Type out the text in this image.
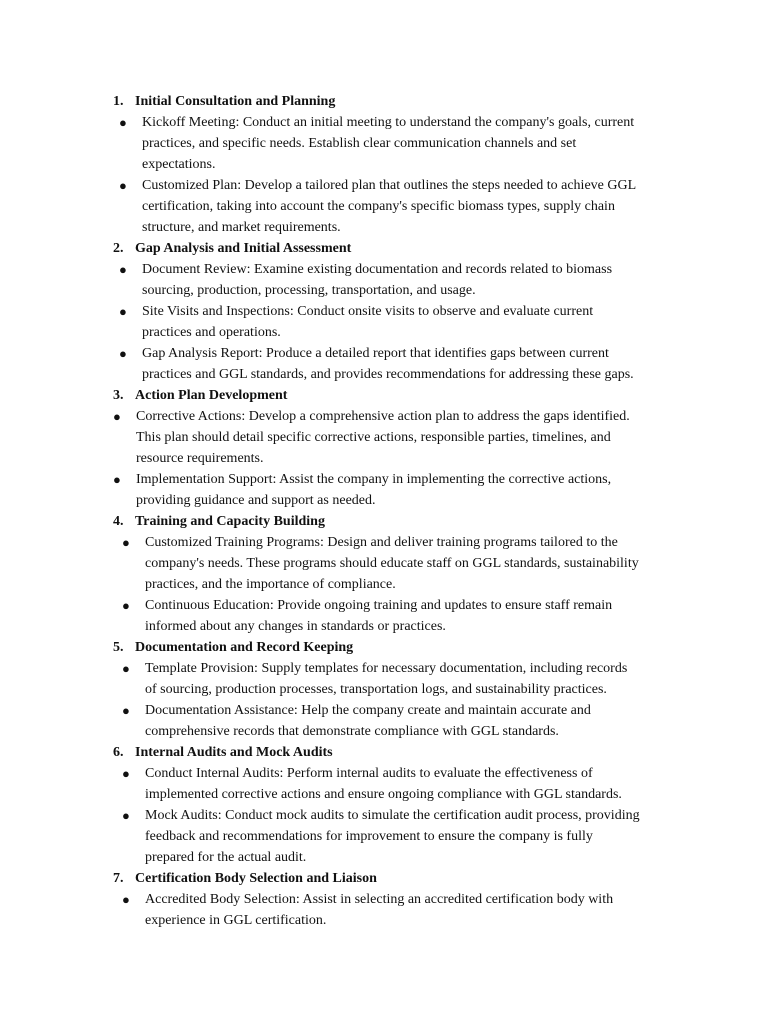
1. Initial Consultation and Planning
● Kickoff Meeting: Conduct an initial meeting to understand the company's goals, current
practices, and specific needs. Establish clear communication channels and set
expectations.
● Customized Plan: Develop a tailored plan that outlines the steps needed to achieve GGL
certification, taking into account the company's specific biomass types, supply chain
structure, and market requirements.
2. Gap Analysis and Initial Assessment
● Document Review: Examine existing documentation and records related to biomass
sourcing, production, processing, transportation, and usage.
● Site Visits and Inspections: Conduct onsite visits to observe and evaluate current
practices and operations.
● Gap Analysis Report: Produce a detailed report that identifies gaps between current
practices and GGL standards, and provides recommendations for addressing these gaps.
3. Action Plan Development
● Corrective Actions: Develop a comprehensive action plan to address the gaps identified.
This plan should detail specific corrective actions, responsible parties, timelines, and
resource requirements.
● Implementation Support: Assist the company in implementing the corrective actions,
providing guidance and support as needed.
4. Training and Capacity Building
● Customized Training Programs: Design and deliver training programs tailored to the
company's needs. These programs should educate staff on GGL standards, sustainability
practices, and the importance of compliance.
● Continuous Education: Provide ongoing training and updates to ensure staff remain
informed about any changes in standards or practices.
5. Documentation and Record Keeping
● Template Provision: Supply templates for necessary documentation, including records
of sourcing, production processes, transportation logs, and sustainability practices.
● Documentation Assistance: Help the company create and maintain accurate and
comprehensive records that demonstrate compliance with GGL standards.
6. Internal Audits and Mock Audits
● Conduct Internal Audits: Perform internal audits to evaluate the effectiveness of
implemented corrective actions and ensure ongoing compliance with GGL standards.
● Mock Audits: Conduct mock audits to simulate the certification audit process, providing
feedback and recommendations for improvement to ensure the company is fully
prepared for the actual audit.
7. Certification Body Selection and Liaison
● Accredited Body Selection: Assist in selecting an accredited certification body with
experience in GGL certification.
